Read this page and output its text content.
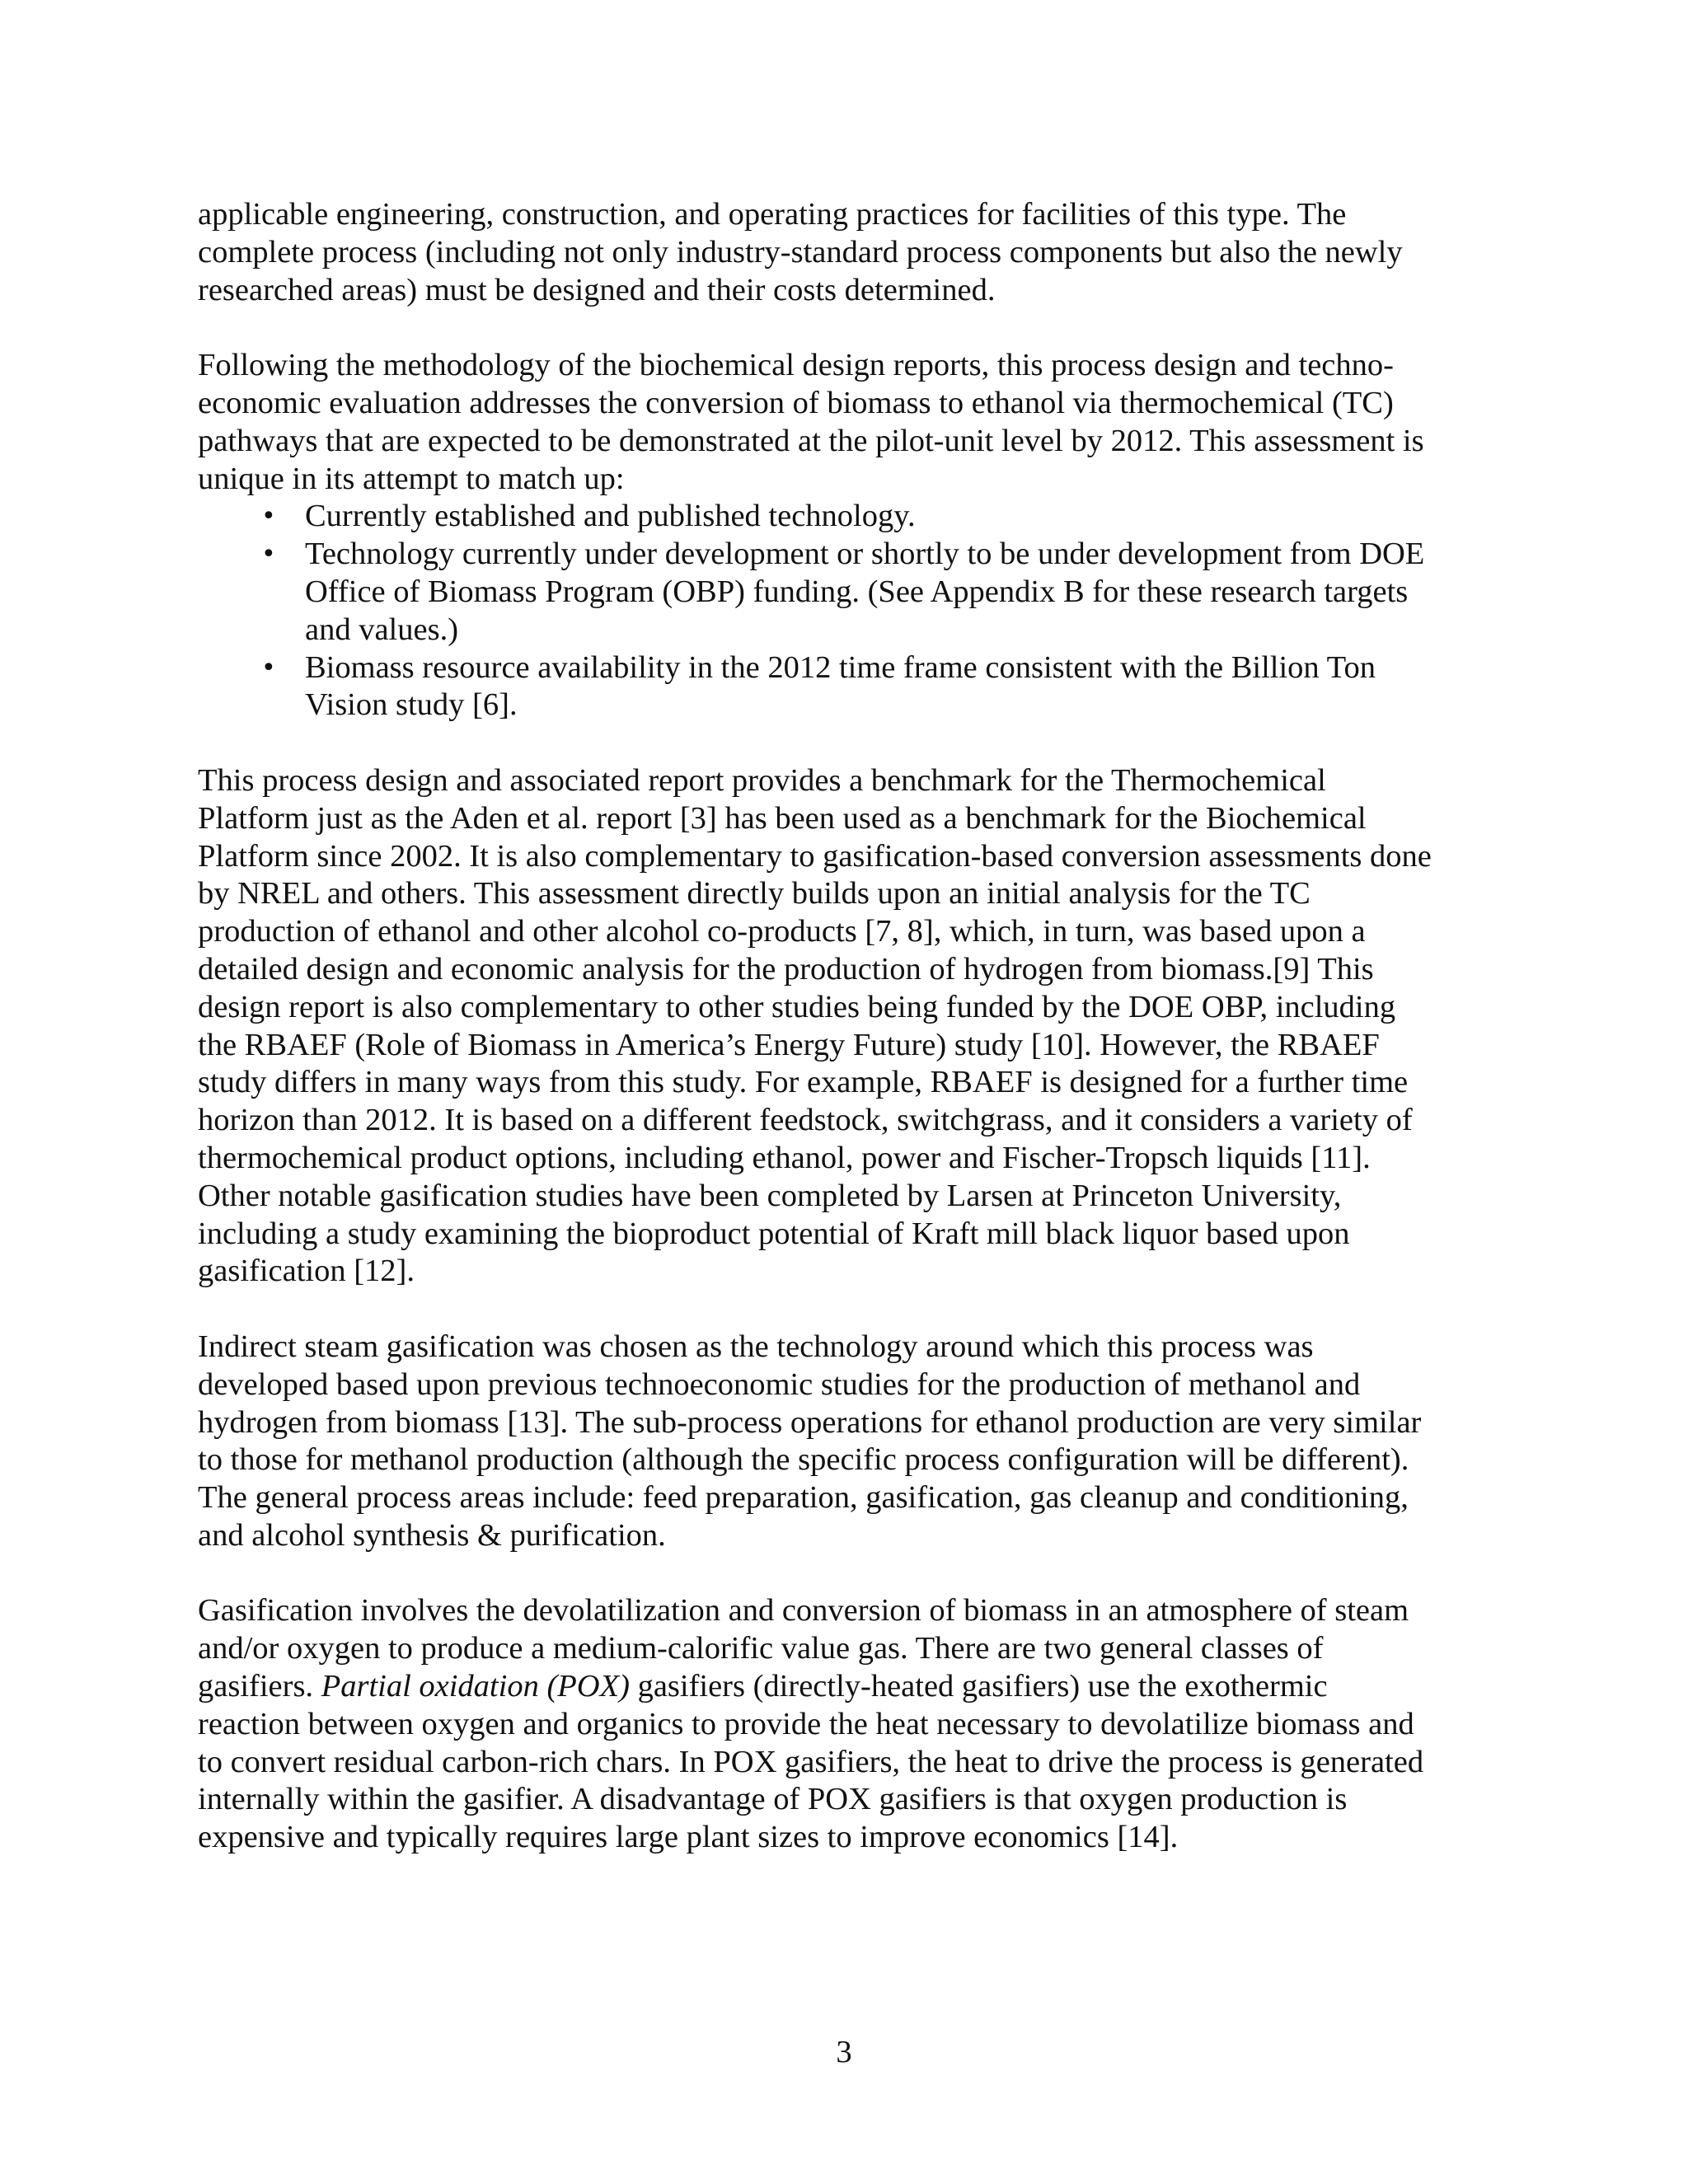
applicable engineering, construction, and operating practices for facilities of this type. The
complete process (including not only industry-standard process components but also the newly
researched areas) must be designed and their costs determined.
Following the methodology of the biochemical design reports, this process design and techno-
economic evaluation addresses the conversion of biomass to ethanol via thermochemical (TC)
pathways that are expected to be demonstrated at the pilot-unit level by 2012. This assessment is
unique in its attempt to match up:
• Currently established and published technology.
• Technology currently under development or shortly to be under development from DOE
Office of Biomass Program (OBP) funding. (See Appendix B for these research targets
and values.)
• Biomass resource availability in the 2012 time frame consistent with the Billion Ton
Vision study [6].
This process design and associated report provides a benchmark for the Thermochemical
Platform just as the Aden et al. report [3] has been used as a benchmark for the Biochemical
Platform since 2002. It is also complementary to gasification-based conversion assessments done
by NREL and others. This assessment directly builds upon an initial analysis for the TC
production of ethanol and other alcohol co-products [7, 8], which, in turn, was based upon a
detailed design and economic analysis for the production of hydrogen from biomass.[9] This
design report is also complementary to other studies being funded by the DOE OBP, including
the RBAEF (Role of Biomass in America’s Energy Future) study [10]. However, the RBAEF
study differs in many ways from this study. For example, RBAEF is designed for a further time
horizon than 2012. It is based on a different feedstock, switchgrass, and it considers a variety of
thermochemical product options, including ethanol, power and Fischer-Tropsch liquids [11].
Other notable gasification studies have been completed by Larsen at Princeton University,
including a study examining the bioproduct potential of Kraft mill black liquor based upon
gasification [12].
Indirect steam gasification was chosen as the technology around which this process was
developed based upon previous technoeconomic studies for the production of methanol and
hydrogen from biomass [13]. The sub-process operations for ethanol production are very similar
to those for methanol production (although the specific process configuration will be different).
The general process areas include: feed preparation, gasification, gas cleanup and conditioning,
and alcohol synthesis & purification.
Gasification involves the devolatilization and conversion of biomass in an atmosphere of steam
and/or oxygen to produce a medium-calorific value gas. There are two general classes of
gasifiers. Partial oxidation (POX) gasifiers (directly-heated gasifiers) use the exothermic
reaction between oxygen and organics to provide the heat necessary to devolatilize biomass and
to convert residual carbon-rich chars. In POX gasifiers, the heat to drive the process is generated
internally within the gasifier. A disadvantage of POX gasifiers is that oxygen production is
expensive and typically requires large plant sizes to improve economics [14].
3
